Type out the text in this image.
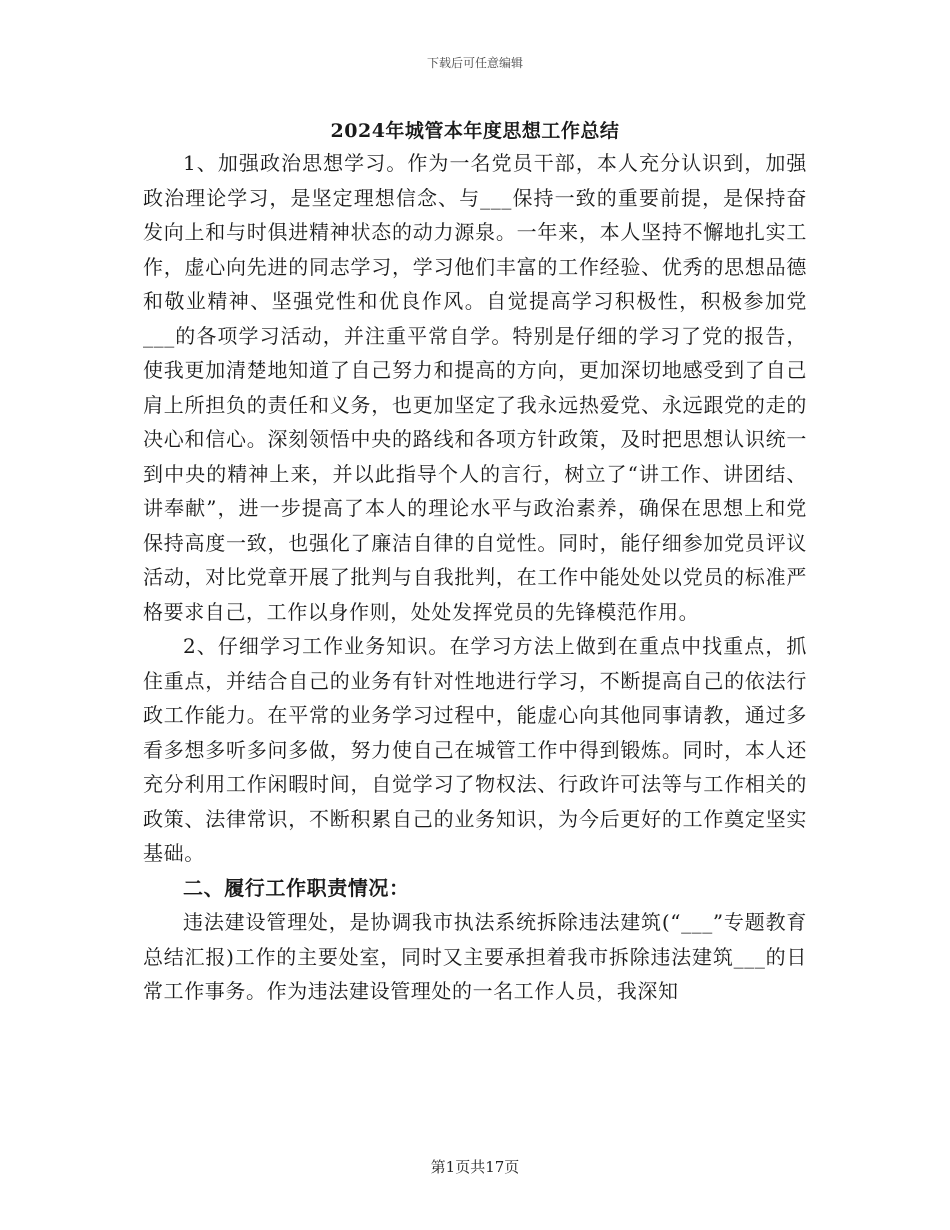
下载后可任意编辑
2024年城管本年度思想工作总结

1、加强政治思想学习。作为一名党员干部，本人充分认识到，加强政治理论学习，是坚定理想信念、与___保持一致的重要前提，是保持奋发向上和与时俱进精神状态的动力源泉。一年来，本人坚持不懈地扎实工作，虚心向先进的同志学习，学习他们丰富的工作经验、优秀的思想品德和敬业精神、坚强党性和优良作风。自觉提高学习积极性，积极参加党___的各项学习活动，并注重平常自学。特别是仔细的学习了党的报告，使我更加清楚地知道了自己努力和提高的方向，更加深切地感受到了自己肩上所担负的责任和义务，也更加坚定了我永远热爱党、永远跟党的走的决心和信心。深刻领悟中央的路线和各项方针政策，及时把思想认识统一到中央的精神上来，并以此指导个人的言行，树立了“讲工作、讲团结、讲奉献”，进一步提高了本人的理论水平与政治素养，确保在思想上和党保持高度一致，也强化了廉洁自律的自觉性。同时，能仔细参加党员评议活动，对比党章开展了批判与自我批判，在工作中能处处以党员的标准严格要求自己，工作以身作则，处处发挥党员的先锋模范作用。

2、仔细学习工作业务知识。在学习方法上做到在重点中找重点，抓住重点，并结合自己的业务有针对性地进行学习，不断提高自己的依法行政工作能力。在平常的业务学习过程中，能虚心向其他同事请教，通过多看多想多听多问多做，努力使自己在城管工作中得到锻炼。同时，本人还充分利用工作闲暇时间，自觉学习了物权法、行政许可法等与工作相关的政策、法律常识，不断积累自己的业务知识，为今后更好的工作奠定坚实基础。

二、履行工作职责情况：

违法建设管理处，是协调我市执法系统拆除违法建筑(“___”专题教育总结汇报)工作的主要处室，同时又主要承担着我市拆除违法建筑___的日常工作事务。作为违法建设管理处的一名工作人员，我深知

第1页共17页
